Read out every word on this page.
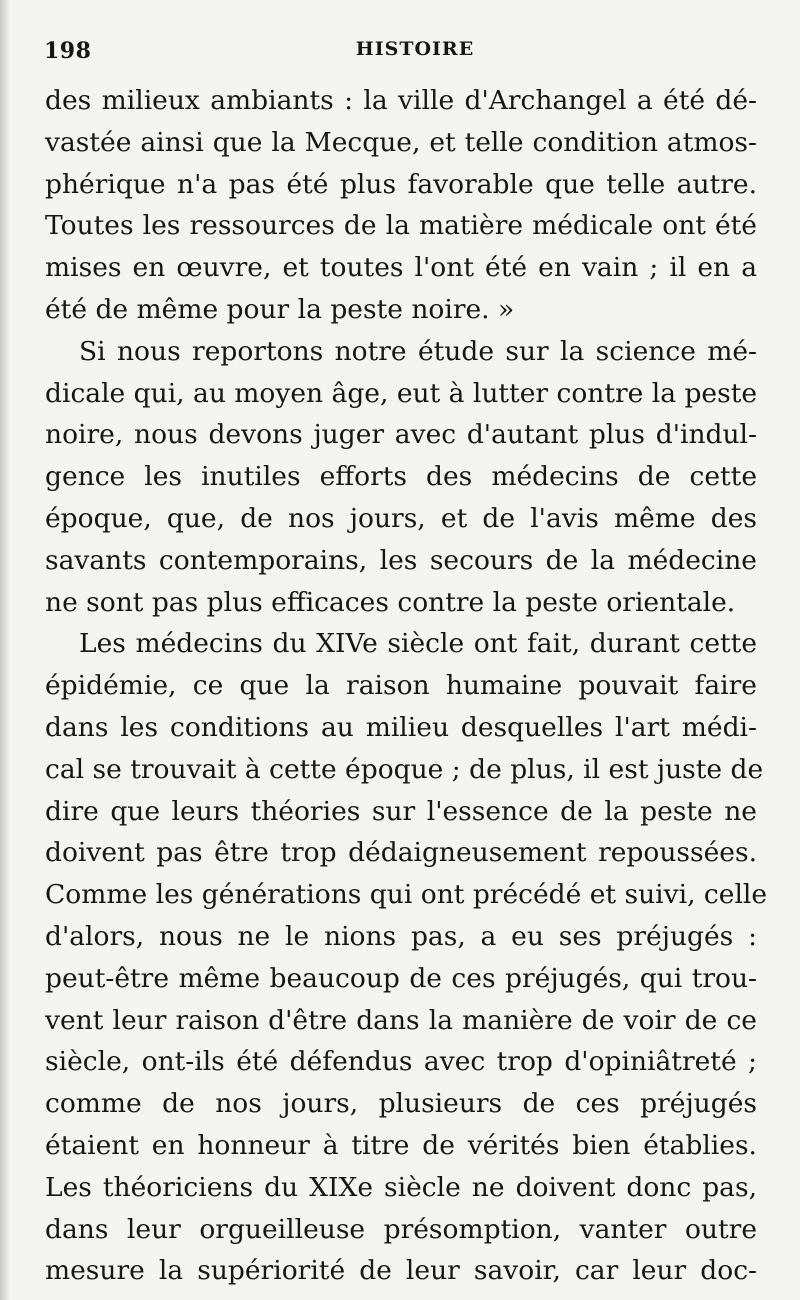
198	HISTOIRE
des milieux ambiants : la ville d'Archangel a été dé-
vastée ainsi que la Mecque, et telle condition atmos-
phérique n'a pas été plus favorable que telle autre.
Toutes les ressources de la matière médicale ont été
mises en œuvre, et toutes l'ont été en vain ; il en a
été de même pour la peste noire. »
Si nous reportons notre étude sur la science mé-
dicale qui, au moyen âge, eut à lutter contre la peste
noire, nous devons juger avec d'autant plus d'indul-
gence les inutiles efforts des médecins de cette
époque, que, de nos jours, et de l'avis même des
savants contemporains, les secours de la médecine
ne sont pas plus efficaces contre la peste orientale.
Les médecins du XIVe siècle ont fait, durant cette
épidémie, ce que la raison humaine pouvait faire
dans les conditions au milieu desquelles l'art médi-
cal se trouvait à cette époque ; de plus, il est juste de
dire que leurs théories sur l'essence de la peste ne
doivent pas être trop dédaigneusement repoussées.
Comme les générations qui ont précédé et suivi, celle
d'alors, nous ne le nions pas, a eu ses préjugés :
peut-être même beaucoup de ces préjugés, qui trou-
vent leur raison d'être dans la manière de voir de ce
siècle, ont-ils été défendus avec trop d'opiniâtreté ;
comme de nos jours, plusieurs de ces préjugés
étaient en honneur à titre de vérités bien établies.
Les théoriciens du XIXe siècle ne doivent donc pas,
dans leur orgueilleuse présomption, vanter outre
mesure la supériorité de leur savoir, car leur doc-
